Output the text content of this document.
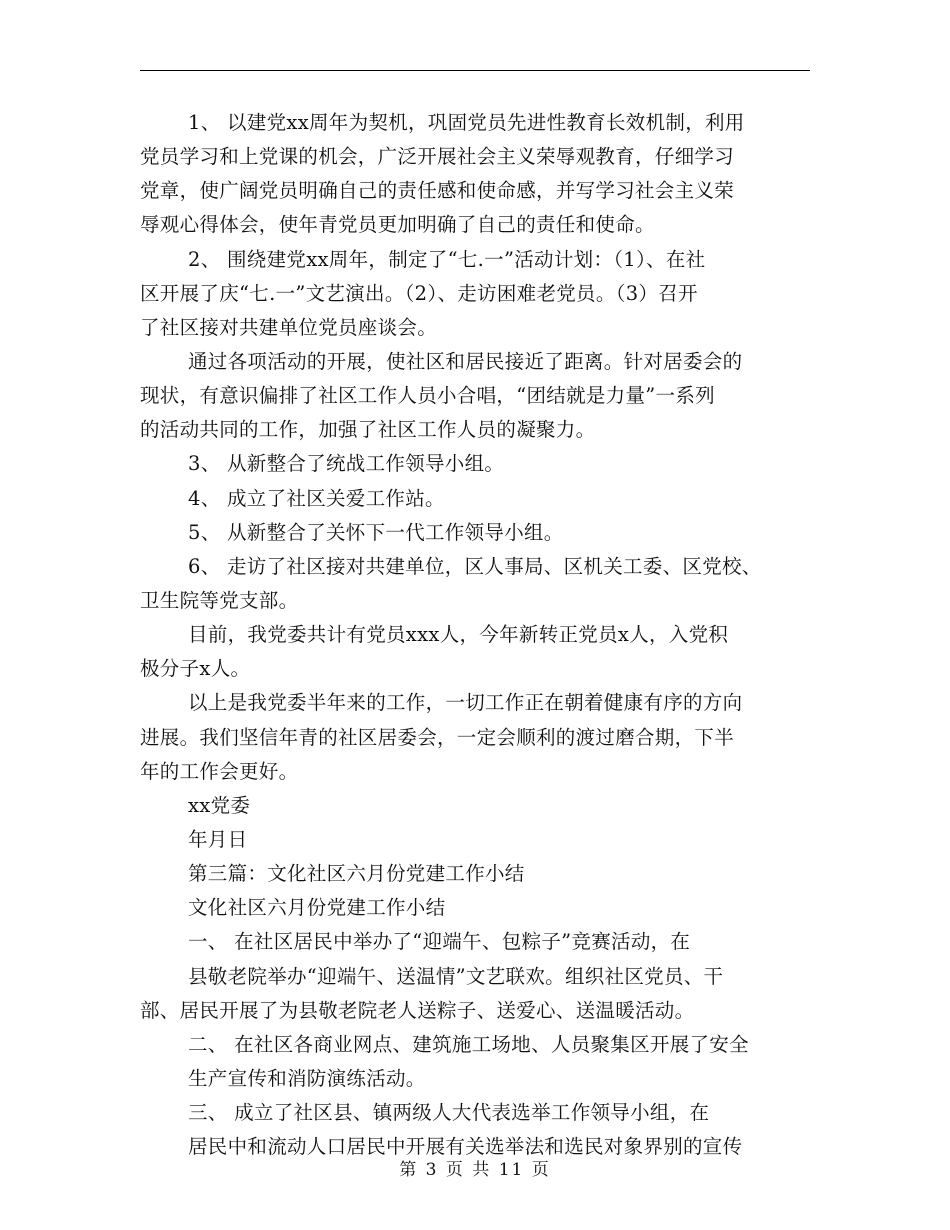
1、 以建党xx周年为契机，巩固党员先进性教育长效机制，利用
党员学习和上党课的机会，广泛开展社会主义荣辱观教育，仔细学习
党章，使广阔党员明确自己的责任感和使命感，并写学习社会主义荣
辱观心得体会，使年青党员更加明确了自己的责任和使命。
2、 围绕建党xx周年，制定了“七.一”活动计划：（1）、在社
区开展了庆“七.一”文艺演出。（2）、走访困难老党员。（3）召开
了社区接对共建单位党员座谈会。
通过各项活动的开展，使社区和居民接近了距离。针对居委会的
现状，有意识偏排了社区工作人员小合唱，“团结就是力量”一系列
的活动共同的工作，加强了社区工作人员的凝聚力。
3、 从新整合了统战工作领导小组。
4、 成立了社区关爱工作站。
5、 从新整合了关怀下一代工作领导小组。
6、 走访了社区接对共建单位，区人事局、区机关工委、区党校、
卫生院等党支部。
目前，我党委共计有党员xxx人，今年新转正党员x人，入党积
极分子x人。
以上是我党委半年来的工作，一切工作正在朝着健康有序的方向
进展。我们坚信年青的社区居委会，一定会顺利的渡过磨合期，下半
年的工作会更好。
xx党委
年月日
第三篇：文化社区六月份党建工作小结
文化社区六月份党建工作小结
一、 在社区居民中举办了“迎端午、包粽子”竞赛活动，在
县敬老院举办“迎端午、送温情”文艺联欢。组织社区党员、干
部、居民开展了为县敬老院老人送粽子、送爱心、送温暖活动。
二、 在社区各商业网点、建筑施工场地、人员聚集区开展了安全
生产宣传和消防演练活动。
三、 成立了社区县、镇两级人大代表选举工作领导小组，在
居民中和流动人口居民中开展有关选举法和选民对象界别的宣传
第 3 页 共 11 页
